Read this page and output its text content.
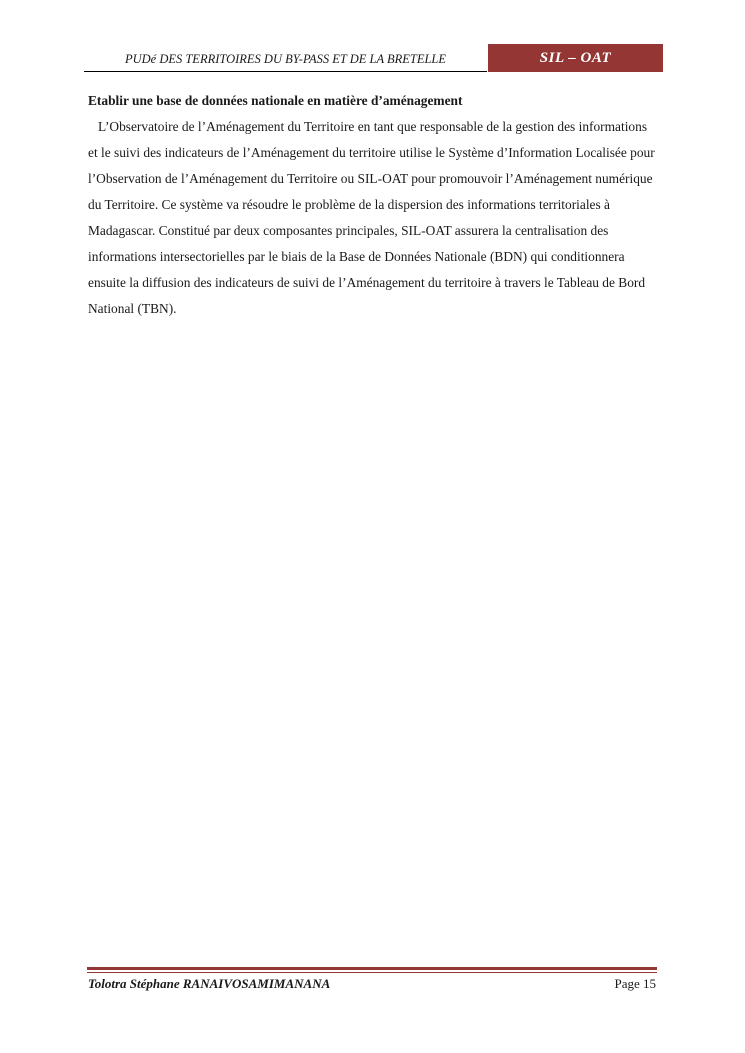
PUDé DES TERRITOIRES DU BY-PASS ET DE LA BRETELLE	SIL – OAT

Etablir une base de données nationale en matière d’aménagement

L’Observatoire de l’Aménagement du Territoire en tant que responsable de la gestion des informations et le suivi des indicateurs de l’Aménagement du territoire utilise le Système d’Information Localisée pour l’Observation de l’Aménagement du Territoire ou SIL-OAT pour promouvoir l’Aménagement numérique du Territoire. Ce système va résoudre le problème de la dispersion des informations territoriales à Madagascar. Constitué par deux composantes principales, SIL-OAT assurera la centralisation des informations intersectorielles par le biais de la Base de Données Nationale (BDN) qui conditionnera ensuite la diffusion des indicateurs de suivi de l’Aménagement du territoire à travers le Tableau de Bord National (TBN).

Tolotra Stéphane RANAIVOSAMIMANANA	Page 15
